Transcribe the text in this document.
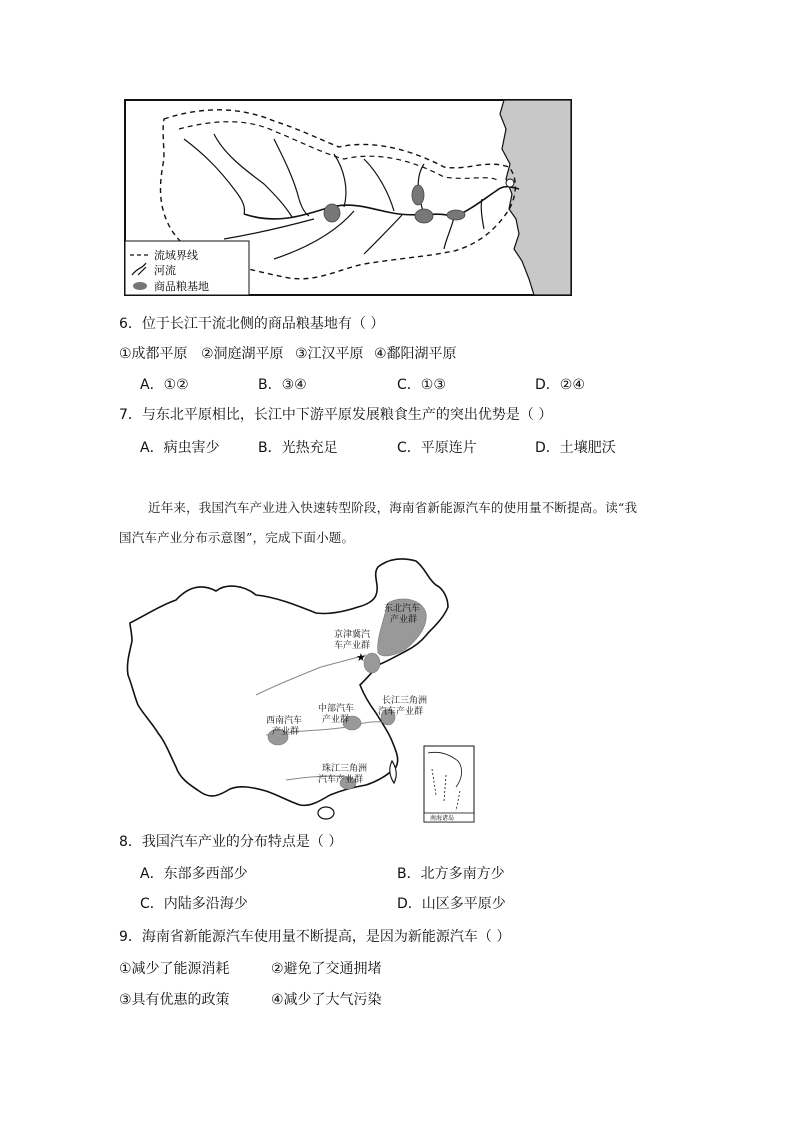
流域界线
河流
商品粮基地
6．位于长江干流北侧的商品粮基地有（ ）
①成都平原 ②洞庭湖平原 ③江汉平原 ④鄱阳湖平原
A．①②	B．③④	C．①③	D．②④
7．与东北平原相比，长江中下游平原发展粮食生产的突出优势是（ ）
A．病虫害少	B．光热充足	C．平原连片	D．土壤肥沃
近年来，我国汽车产业进入快速转型阶段，海南省新能源汽车的使用量不断提高。读“我
国汽车产业分布示意图”，完成下面小题。
★
东北汽车产业群
京津冀汽车产业群
中部汽车产业群
长江三角洲汽车产业群
西南汽车产业群
珠江三角洲汽车产业群
南海诸岛
8．我国汽车产业的分布特点是（ ）
A．东部多西部少	B．北方多南方少
C．内陆多沿海少	D．山区多平原少
9．海南省新能源汽车使用量不断提高，是因为新能源汽车（ ）
①减少了能源消耗	②避免了交通拥堵
③具有优惠的政策	④减少了大气污染
